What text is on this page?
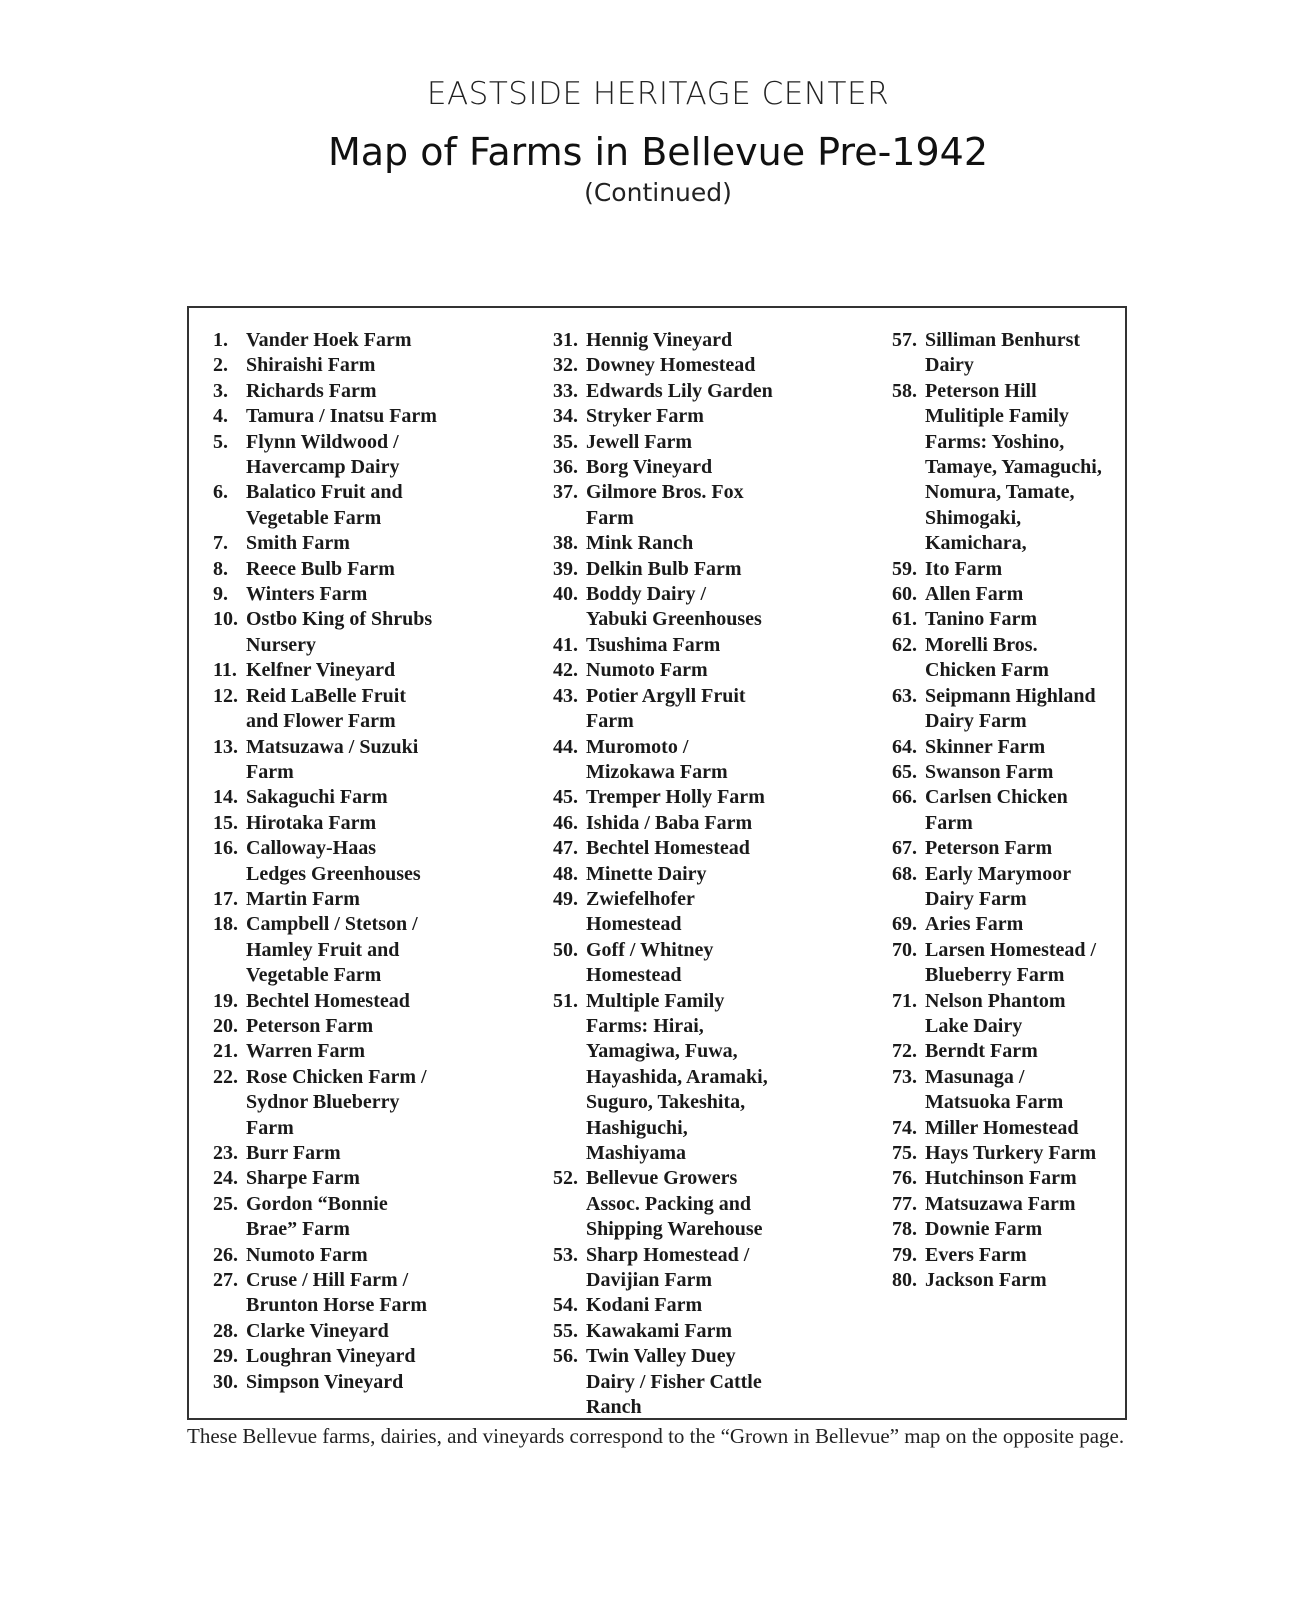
EASTSIDE HERITAGE CENTER
Map of Farms in Bellevue Pre-1942
(Continued)
1. Vander Hoek Farm
2. Shiraishi Farm
3. Richards Farm
4. Tamura / Inatsu Farm
5. Flynn Wildwood /
Havercamp Dairy
6. Balatico Fruit and
Vegetable Farm
7. Smith Farm
8. Reece Bulb Farm
9. Winters Farm
10. Ostbo King of Shrubs
Nursery
11. Kelfner Vineyard
12. Reid LaBelle Fruit
and Flower Farm
13. Matsuzawa / Suzuki
Farm
14. Sakaguchi Farm
15. Hirotaka Farm
16. Calloway-Haas
Ledges Greenhouses
17. Martin Farm
18. Campbell / Stetson /
Hamley Fruit and
Vegetable Farm
19. Bechtel Homestead
20. Peterson Farm
21. Warren Farm
22. Rose Chicken Farm /
Sydnor Blueberry
Farm
23. Burr Farm
24. Sharpe Farm
25. Gordon “Bonnie
Brae” Farm
26. Numoto Farm
27. Cruse / Hill Farm /
Brunton Horse Farm
28. Clarke Vineyard
29. Loughran Vineyard
30. Simpson Vineyard
31. Hennig Vineyard
32. Downey Homestead
33. Edwards Lily Garden
34. Stryker Farm
35. Jewell Farm
36. Borg Vineyard
37. Gilmore Bros. Fox
Farm
38. Mink Ranch
39. Delkin Bulb Farm
40. Boddy Dairy /
Yabuki Greenhouses
41. Tsushima Farm
42. Numoto Farm
43. Potier Argyll Fruit
Farm
44. Muromoto /
Mizokawa Farm
45. Tremper Holly Farm
46. Ishida / Baba Farm
47. Bechtel Homestead
48. Minette Dairy
49. Zwiefelhofer
Homestead
50. Goff / Whitney
Homestead
51. Multiple Family
Farms: Hirai,
Yamagiwa, Fuwa,
Hayashida, Aramaki,
Suguro, Takeshita,
Hashiguchi,
Mashiyama
52. Bellevue Growers
Assoc. Packing and
Shipping Warehouse
53. Sharp Homestead /
Davijian Farm
54. Kodani Farm
55. Kawakami Farm
56. Twin Valley Duey
Dairy / Fisher Cattle
Ranch
57. Silliman Benhurst
Dairy
58. Peterson Hill
Mulitiple Family
Farms: Yoshino,
Tamaye, Yamaguchi,
Nomura, Tamate,
Shimogaki,
Kamichara,
59. Ito Farm
60. Allen Farm
61. Tanino Farm
62. Morelli Bros.
Chicken Farm
63. Seipmann Highland
Dairy Farm
64. Skinner Farm
65. Swanson Farm
66. Carlsen Chicken
Farm
67. Peterson Farm
68. Early Marymoor
Dairy Farm
69. Aries Farm
70. Larsen Homestead /
Blueberry Farm
71. Nelson Phantom
Lake Dairy
72. Berndt Farm
73. Masunaga /
Matsuoka Farm
74. Miller Homestead
75. Hays Turkery Farm
76. Hutchinson Farm
77. Matsuzawa Farm
78. Downie Farm
79. Evers Farm
80. Jackson Farm
These Bellevue farms, dairies, and vineyards correspond to the “Grown in Bellevue” map on the opposite page.
